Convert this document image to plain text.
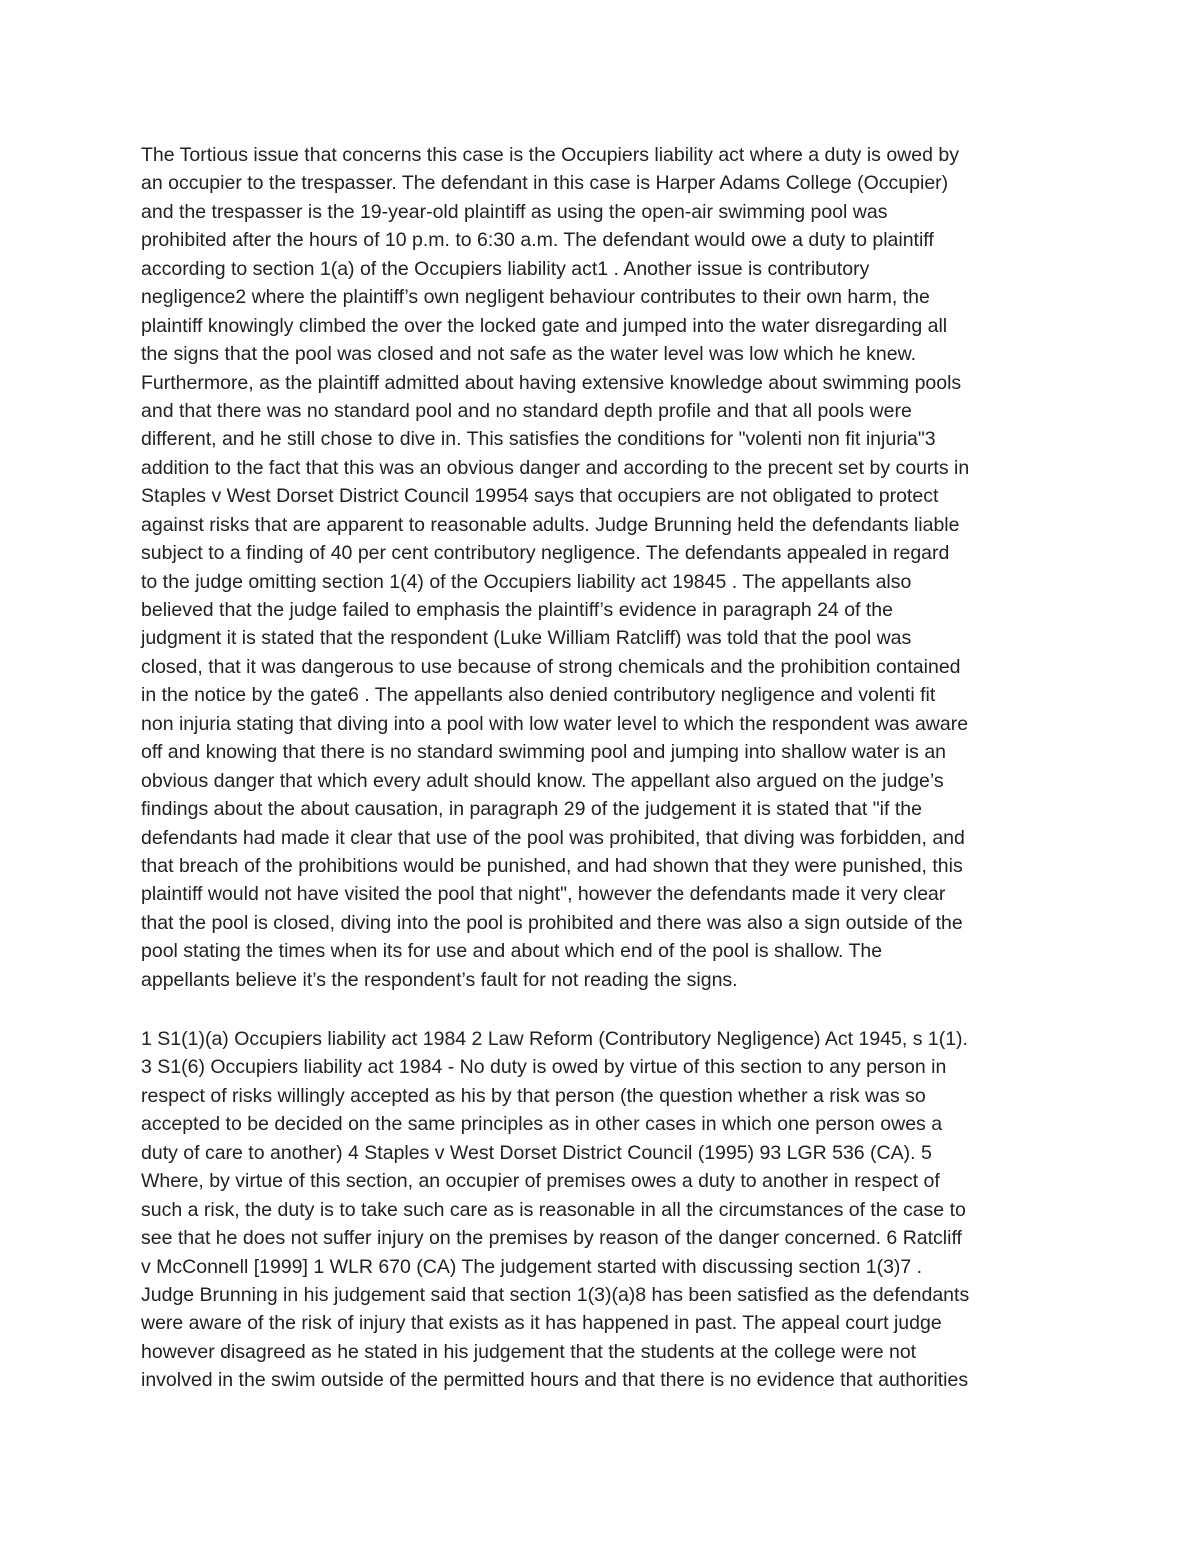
The Tortious issue that concerns this case is the Occupiers liability act where a duty is owed by
an occupier to the trespasser. The defendant in this case is Harper Adams College (Occupier)
and the trespasser is the 19-year-old plaintiff as using the open-air swimming pool was
prohibited after the hours of 10 p.m. to 6:30 a.m. The defendant would owe a duty to plaintiff
according to section 1(a) of the Occupiers liability act1 . Another issue is contributory
negligence2 where the plaintiff’s own negligent behaviour contributes to their own harm, the
plaintiff knowingly climbed the over the locked gate and jumped into the water disregarding all
the signs that the pool was closed and not safe as the water level was low which he knew.
Furthermore, as the plaintiff admitted about having extensive knowledge about swimming pools
and that there was no standard pool and no standard depth profile and that all pools were
different, and he still chose to dive in. This satisfies the conditions for "volenti non fit injuria"3
addition to the fact that this was an obvious danger and according to the precent set by courts in
Staples v West Dorset District Council 19954 says that occupiers are not obligated to protect
against risks that are apparent to reasonable adults. Judge Brunning held the defendants liable
subject to a finding of 40 per cent contributory negligence. The defendants appealed in regard
to the judge omitting section 1(4) of the Occupiers liability act 19845 . The appellants also
believed that the judge failed to emphasis the plaintiff’s evidence in paragraph 24 of the
judgment it is stated that the respondent (Luke William Ratcliff) was told that the pool was
closed, that it was dangerous to use because of strong chemicals and the prohibition contained
in the notice by the gate6 . The appellants also denied contributory negligence and volenti fit
non injuria stating that diving into a pool with low water level to which the respondent was aware
off and knowing that there is no standard swimming pool and jumping into shallow water is an
obvious danger that which every adult should know. The appellant also argued on the judge’s
findings about the about causation, in paragraph 29 of the judgement it is stated that "if the
defendants had made it clear that use of the pool was prohibited, that diving was forbidden, and
that breach of the prohibitions would be punished, and had shown that they were punished, this
plaintiff would not have visited the pool that night", however the defendants made it very clear
that the pool is closed, diving into the pool is prohibited and there was also a sign outside of the
pool stating the times when its for use and about which end of the pool is shallow. The
appellants believe it’s the respondent’s fault for not reading the signs.
1 S1(1)(a) Occupiers liability act 1984 2 Law Reform (Contributory Negligence) Act 1945, s 1(1).
3 S1(6) Occupiers liability act 1984 - No duty is owed by virtue of this section to any person in
respect of risks willingly accepted as his by that person (the question whether a risk was so
accepted to be decided on the same principles as in other cases in which one person owes a
duty of care to another) 4 Staples v West Dorset District Council (1995) 93 LGR 536 (CA). 5
Where, by virtue of this section, an occupier of premises owes a duty to another in respect of
such a risk, the duty is to take such care as is reasonable in all the circumstances of the case to
see that he does not suffer injury on the premises by reason of the danger concerned. 6 Ratcliff
v McConnell [1999] 1 WLR 670 (CA) The judgement started with discussing section 1(3)7 .
Judge Brunning in his judgement said that section 1(3)(a)8 has been satisfied as the defendants
were aware of the risk of injury that exists as it has happened in past. The appeal court judge
however disagreed as he stated in his judgement that the students at the college were not
involved in the swim outside of the permitted hours and that there is no evidence that authorities
